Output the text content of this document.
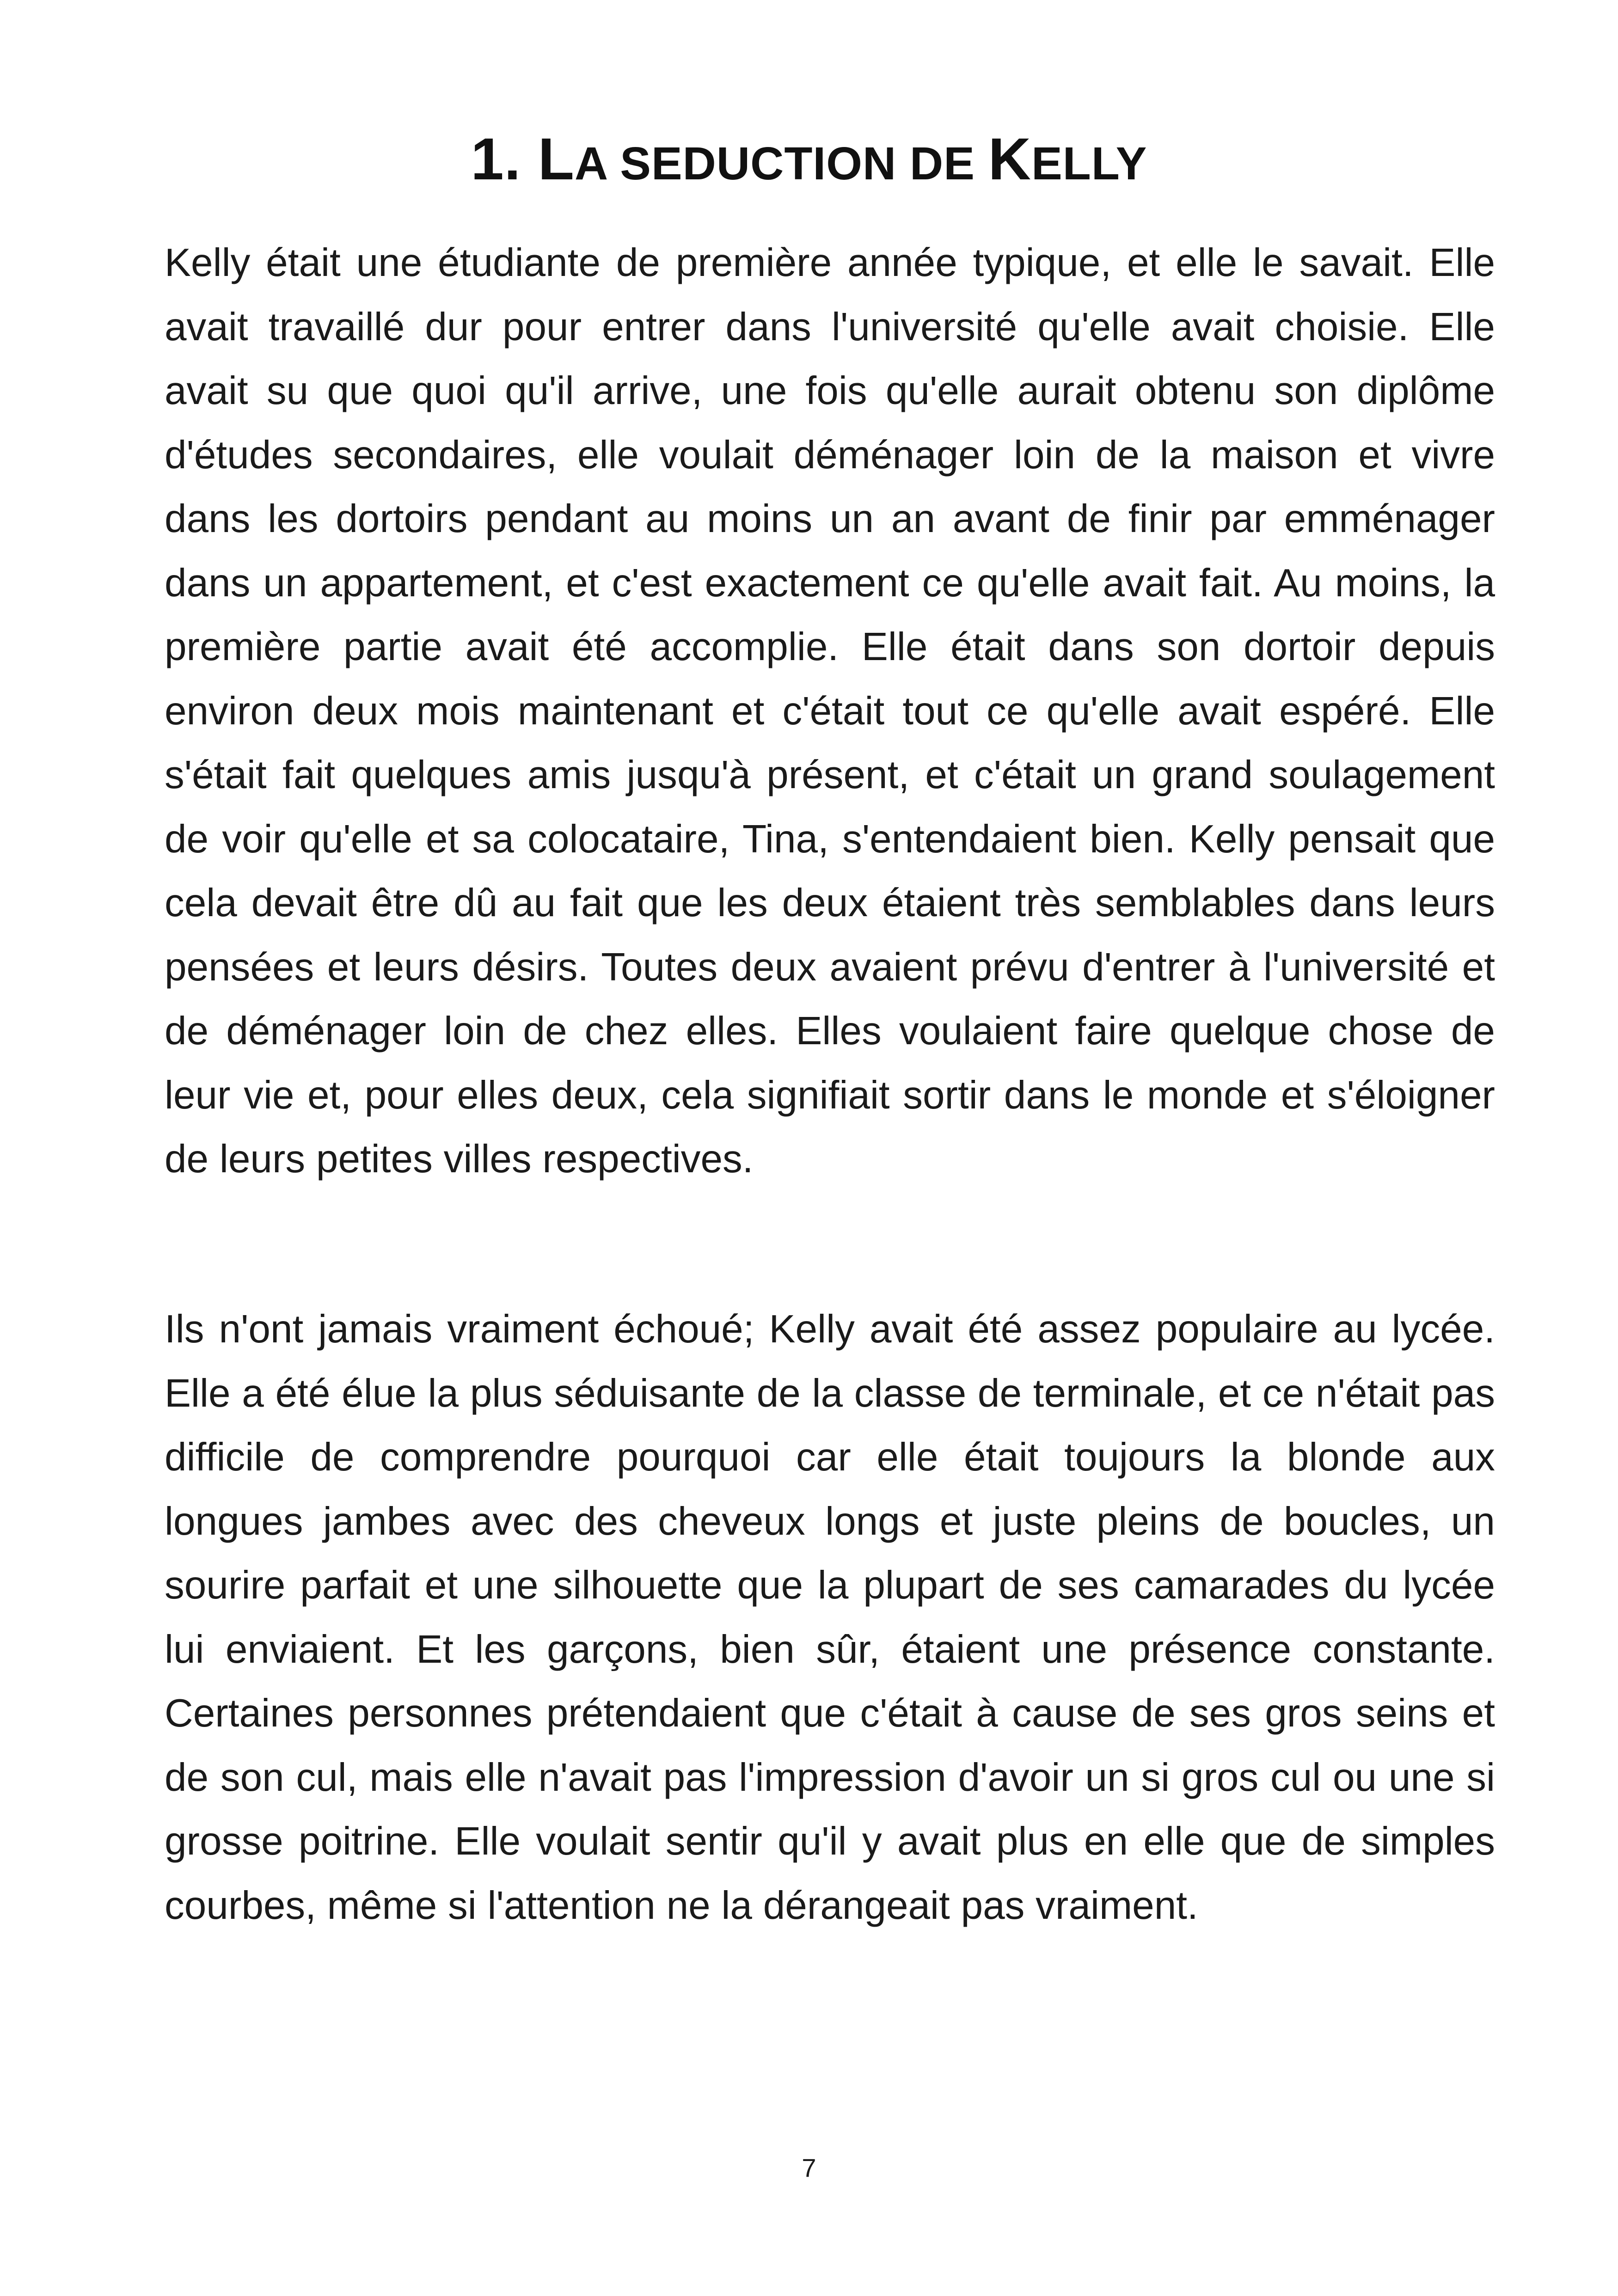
1. LA SEDUCTION DE KELLY

Kelly était une étudiante de première année typique, et elle le savait. Elle avait travaillé dur pour entrer dans l'université qu'elle avait choisie. Elle avait su que quoi qu'il arrive, une fois qu'elle aurait obtenu son diplôme d'études secondaires, elle voulait déménager loin de la maison et vivre dans les dortoirs pendant au moins un an avant de finir par emménager dans un appartement, et c'est exactement ce qu'elle avait fait. Au moins, la première partie avait été accomplie. Elle était dans son dortoir depuis environ deux mois maintenant et c'était tout ce qu'elle avait espéré. Elle s'était fait quelques amis jusqu'à présent, et c'était un grand soulagement de voir qu'elle et sa colocataire, Tina, s'entendaient bien. Kelly pensait que cela devait être dû au fait que les deux étaient très semblables dans leurs pensées et leurs désirs. Toutes deux avaient prévu d'entrer à l'université et de déménager loin de chez elles. Elles voulaient faire quelque chose de leur vie et, pour elles deux, cela signifiait sortir dans le monde et s'éloigner de leurs petites villes respectives.

Ils n'ont jamais vraiment échoué; Kelly avait été assez populaire au lycée. Elle a été élue la plus séduisante de la classe de terminale, et ce n'était pas difficile de comprendre pourquoi car elle était toujours la blonde aux longues jambes avec des cheveux longs et juste pleins de boucles, un sourire parfait et une silhouette que la plupart de ses camarades du lycée lui enviaient. Et les garçons, bien sûr, étaient une présence constante. Certaines personnes prétendaient que c'était à cause de ses gros seins et de son cul, mais elle n'avait pas l'impression d'avoir un si gros cul ou une si grosse poitrine. Elle voulait sentir qu'il y avait plus en elle que de simples courbes, même si l'attention ne la dérangeait pas vraiment.

7
